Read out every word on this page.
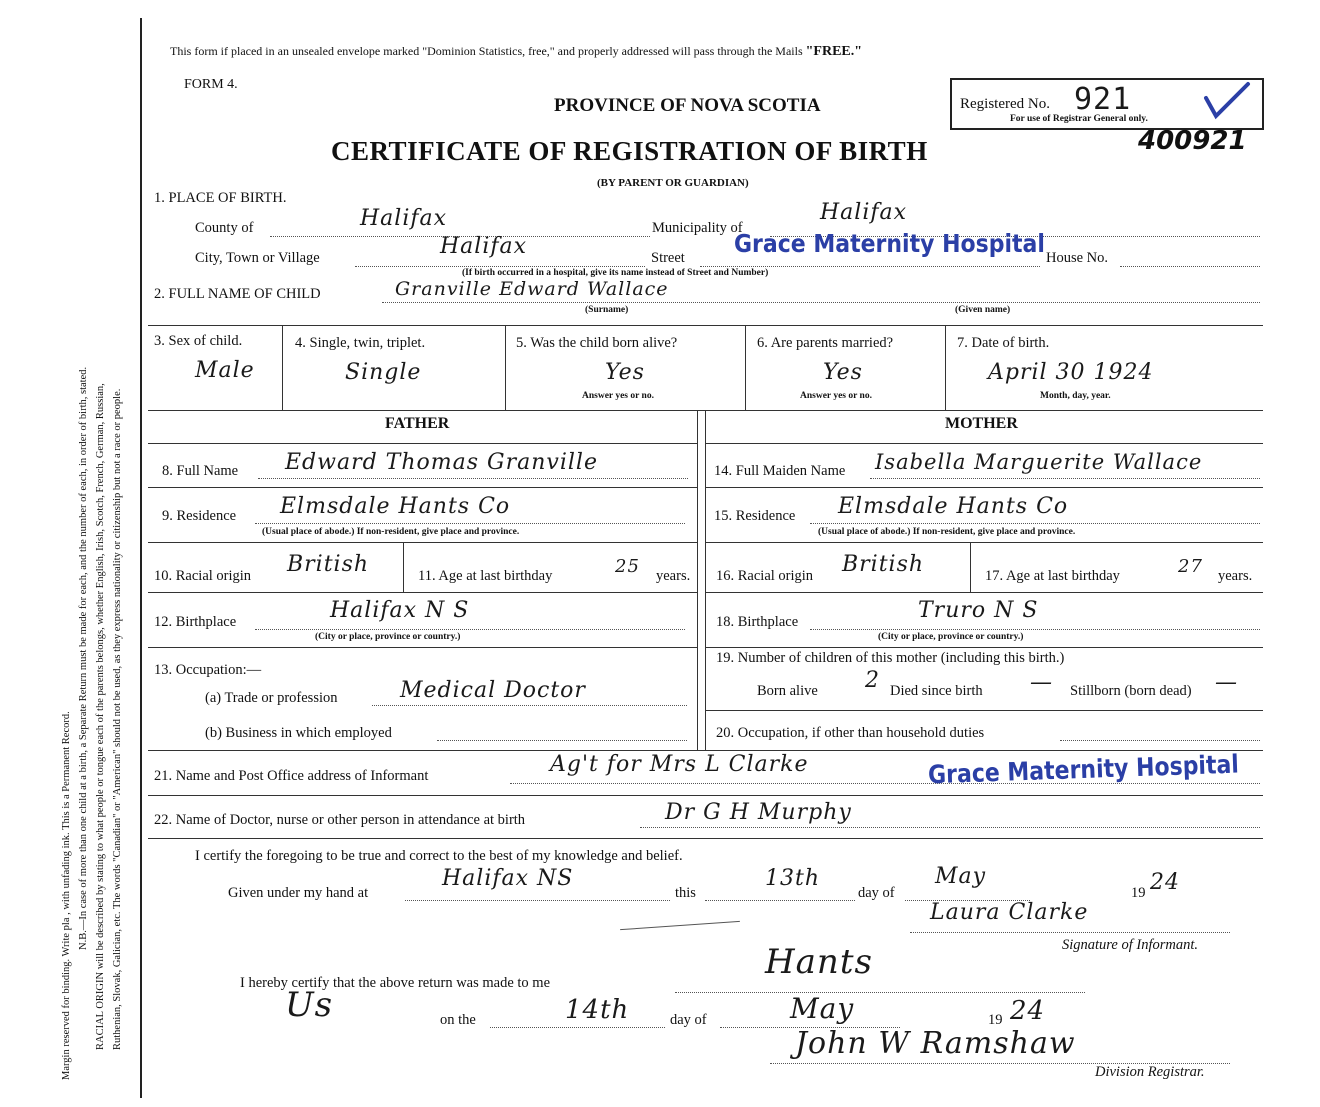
Margin reserved for binding. Write pla , with unfading ink. This is a Permanent Record. N.B.—In case of more than one child at a birth, a Separate Return must be made for each, and the number of each, in order of birth, stated. RACIAL ORIGIN will be described by stating to what people or tongue each of the parents belongs, whether English, Irish, Scotch, French, German, Russian, Ruthenian, Slovak, Galician, etc. The words "Canadian" or "American" should not be used, as they express nationality or citizenship but not a race or people.
This form if placed in an unsealed envelope marked "Dominion Statistics, free," and properly addressed will pass through the Mails "FREE."
FORM 4.
PROVINCE OF NOVA SCOTIA
CERTIFICATE OF REGISTRATION OF BIRTH
(BY PARENT OR GUARDIAN)
Registered No. 921
For use of Registrar General only.
400921
1. PLACE OF BIRTH.
County of	Halifax	Municipality of
Halifax
City, Town or Village	Halifax	Street Grace Maternity Hospital House No.
(If birth occurred in a hospital, give its name instead of Street and Number)
2. FULL NAME OF CHILD	Granville Edward Wallace
(Surname)	(Given name)
3. Sex of child.
Male
4. Single, twin, triplet.
Single
5. Was the child born alive?
Yes
Answer yes or no.
6. Are parents married?
Yes
Answer yes or no.
7. Date of birth.
April 30 1924
Month, day, year.
FATHER	MOTHER
8. Full Name Edward Thomas Granville	14. Full Maiden Name Isabella Marguerite Wallace
9. Residence Elmsdale Hants Co
(Usual place of abode.) If non-resident, give place and province.
15. Residence Elmsdale Hants Co
(Usual place of abode.) If non-resident, give place and province.
10. Racial origin British	11. Age at last birthday	25 years. 16. Racial origin British	17. Age at last birthday	27 years.
12. Birthplace	Halifax N S
(City or place, province or country.)
18. Birthplace	Truro N S
(City or place, province or country.)
13. Occupation:—
(a) Trade or profession	Medical Doctor
(b) Business in which employed
19. Number of children of this mother (including this birth.)
Born alive 2 Died since birth — Stillborn (born dead) —
20. Occupation, if other than household duties
21. Name and Post Office address of Informant	Ag't for Mrs L Clarke	Grace Maternity Hospital
22. Name of Doctor, nurse or other person in attendance at birth	Dr G H Murphy
I certify the foregoing to be true and correct to the best of my knowledge and belief.
Given under my hand at
Halifax NS
this
13th
day of
May
19 24
Laura Clarke
Signature of Informant.
I hereby certify that the above return was made to me
Hants
Us	on the	14th	day of	May	19 24
John W Ramshaw
Division Registrar.
